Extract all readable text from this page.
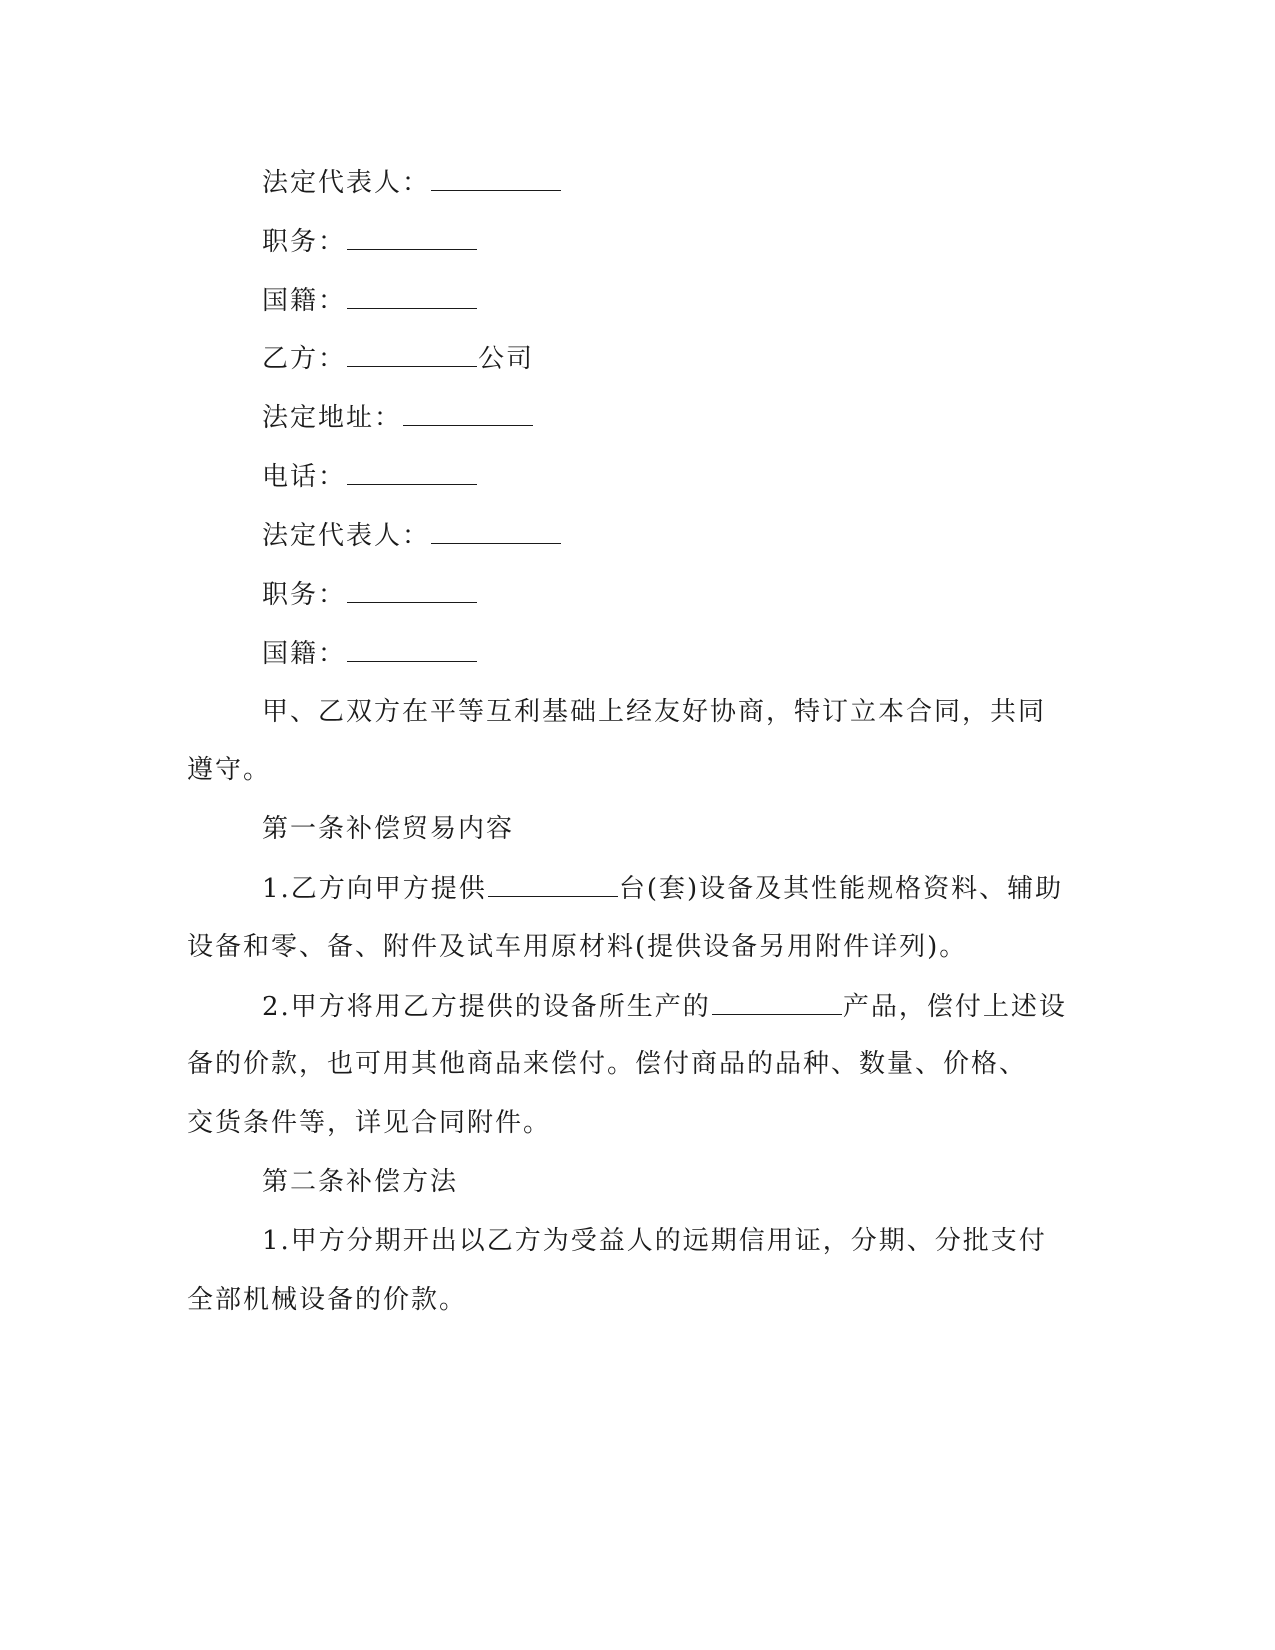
法定代表人：
职务：
国籍：
乙方：	公司
法定地址：
电话：
法定代表人：
职务：
国籍：
甲、乙双方在平等互利基础上经友好协商，特订立本合同，共同
遵守。
第一条补偿贸易内容
1.乙方向甲方提供	台(套)设备及其性能规格资料、辅助
设备和零、备、附件及试车用原材料(提供设备另用附件详列)。
2.甲方将用乙方提供的设备所生产的	产品，偿付上述设
备的价款，也可用其他商品来偿付。偿付商品的品种、数量、价格、
交货条件等，详见合同附件。
第二条补偿方法
1.甲方分期开出以乙方为受益人的远期信用证，分期、分批支付
全部机械设备的价款。
